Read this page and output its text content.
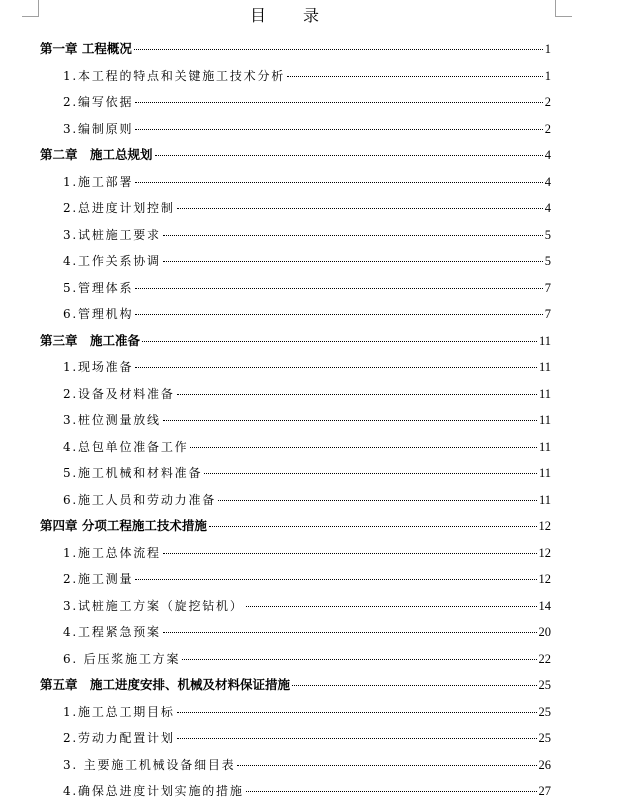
目 录
第一章 工程概况	1
1.本工程的特点和关键施工技术分析	1
2.编写依据	2
3.编制原则	2
第二章　施工总规划	4
1.施工部署	4
2.总进度计划控制	4
3.试桩施工要求	5
4.工作关系协调	5
5.管理体系	7
6.管理机构	7
第三章　施工准备	11
1.现场准备	11
2.设备及材料准备	11
3.桩位测量放线	11
4.总包单位准备工作	11
5.施工机械和材料准备	11
6.施工人员和劳动力准备	11
第四章 分项工程施工技术措施	12
1.施工总体流程	12
2.施工测量	12
3.试桩施工方案（旋挖钻机）	14
4.工程紧急预案	20
6. 后压浆施工方案	22
第五章　施工进度安排、机械及材料保证措施	25
1.施工总工期目标	25
2.劳动力配置计划	25
3. 主要施工机械设备细目表	26
4.确保总进度计划实施的措施	27
